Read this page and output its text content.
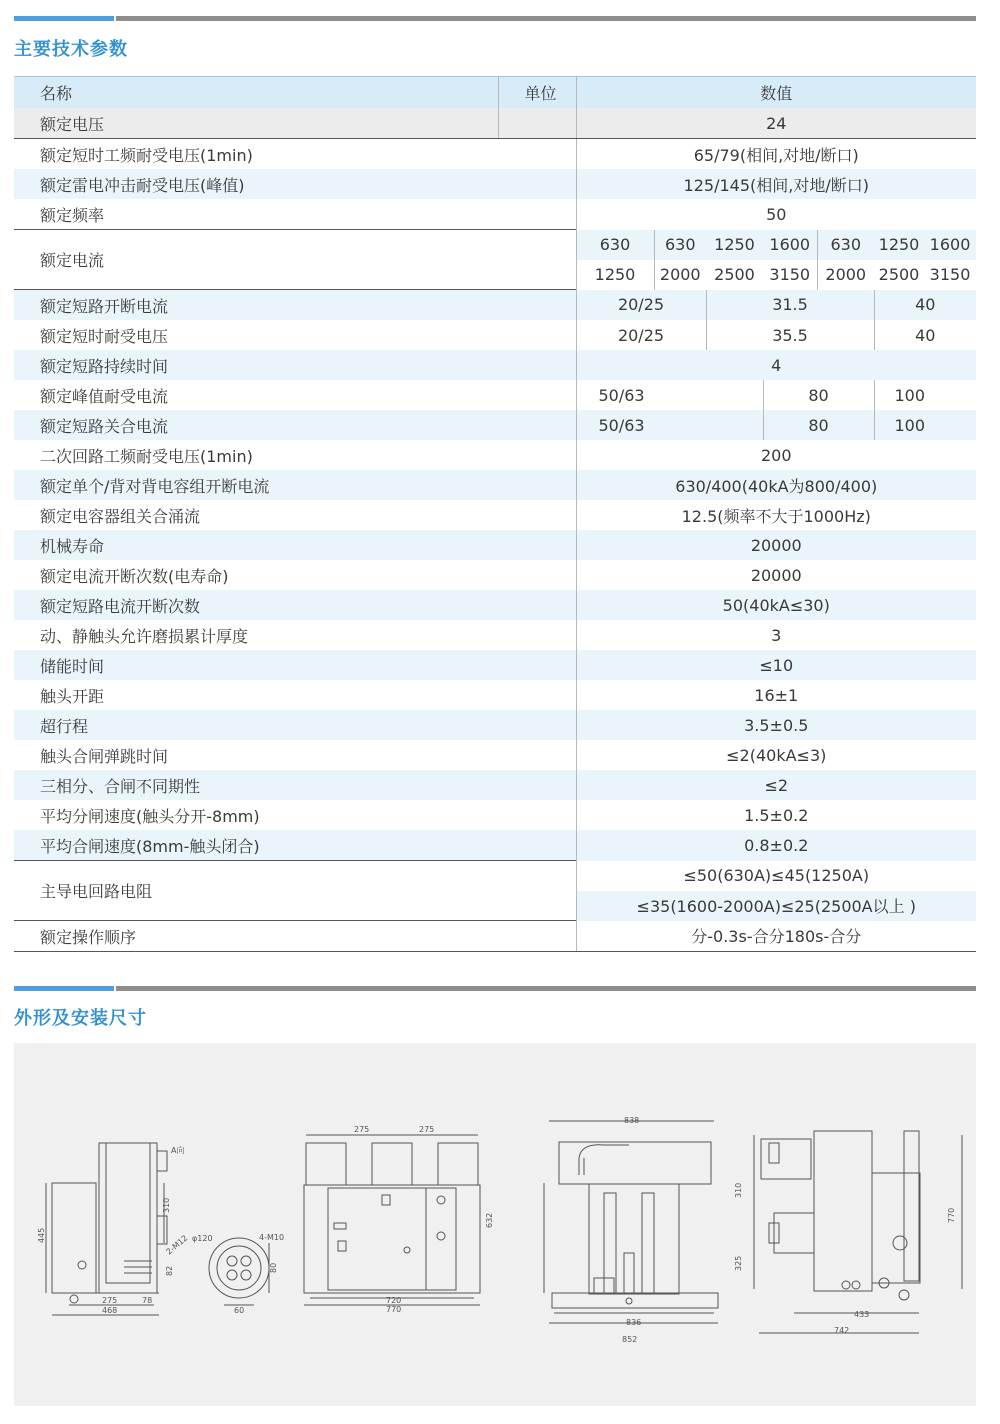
主要技术参数
名称	单位	数值						
额定电压		24						
额定短时工频耐受电压(1min)		65/79(相间,对地/断口)						
额定雷电冲击耐受电压(峰值)		125/145(相间,对地/断口)						
额定频率		50						
额定电流		630	630	1250	1600	630	1250	1600
		1250	2000	2500	3150	2000	2500	3150
额定短路开断电流		20/25		31.5			40	
额定短时耐受电压		20/25		35.5			40	
额定短路持续时间		4						
额定峰值耐受电流		50/63			80		100	
额定短路关合电流		50/63			80		100	
二次回路工频耐受电压(1min)		200						
额定单个/背对背电容组开断电流		630/400(40kA为800/400)						
额定电容器组关合涌流		12.5(频率不大于1000Hz)						
机械寿命		20000						
额定电流开断次数(电寿命)		20000						
额定短路电流开断次数		50(40kA≤30)						
动、静触头允许磨损累计厚度		3						
储能时间		≤10						
触头开距		16±1						
超行程		3.5±0.5						
触头合闸弹跳时间		≤2(40kA≤3)						
三相分、合闸不同期性		≤2						
平均分闸速度(触头分开-8mm)		1.5±0.2						
平均合闸速度(8mm-触头闭合)		0.8±0.2						
主导电回路电阻		≤50(630A)≤45(1250A)						
		≤35(1600-2000A)≤25(2500A以上 )						
额定操作顺序		分-0.3s-合分180s-合分						
外形及安装尺寸
A向
445
310
82
275	78
468
2-M12 φ120	4-M10
80
60
275	275
632
720
770
838
310
325
836
852
770
433
742
